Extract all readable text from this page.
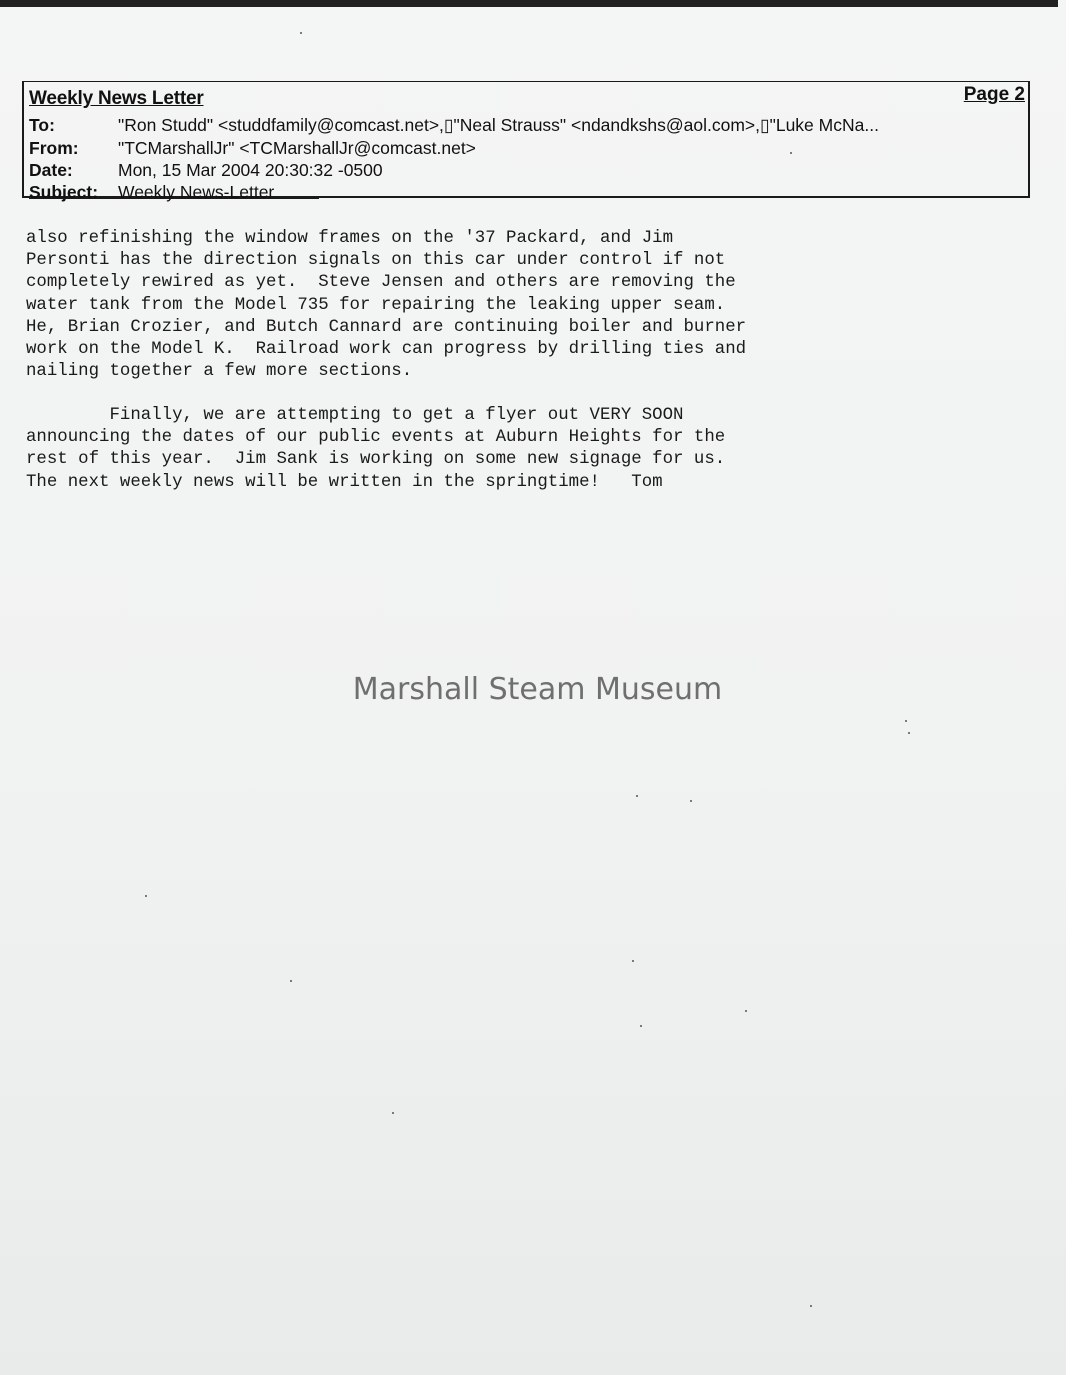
Weekly News Letter	Page 2
To:	"Ron Studd" <studdfamily@comcast.net>,▯"Neal Strauss" <ndandkshs@aol.com>,▯"Luke McNa...
From: "TCMarshallJr" <TCMarshallJr@comcast.net>
Date:	Mon, 15 Mar 2004 20:30:32 -0500
Subject: Weekly News-Letter
also refinishing the window frames on the '37 Packard, and Jim
Personti has the direction signals on this car under control if not
completely rewired as yet.  Steve Jensen and others are removing the
water tank from the Model 735 for repairing the leaking upper seam.
He, Brian Crozier, and Butch Cannard are continuing boiler and burner
work on the Model K.  Railroad work can progress by drilling ties and
nailing together a few more sections.
Finally, we are attempting to get a flyer out VERY SOON
announcing the dates of our public events at Auburn Heights for the
rest of this year.  Jim Sank is working on some new signage for us.
The next weekly news will be written in the springtime!   Tom
Marshall Steam Museum
